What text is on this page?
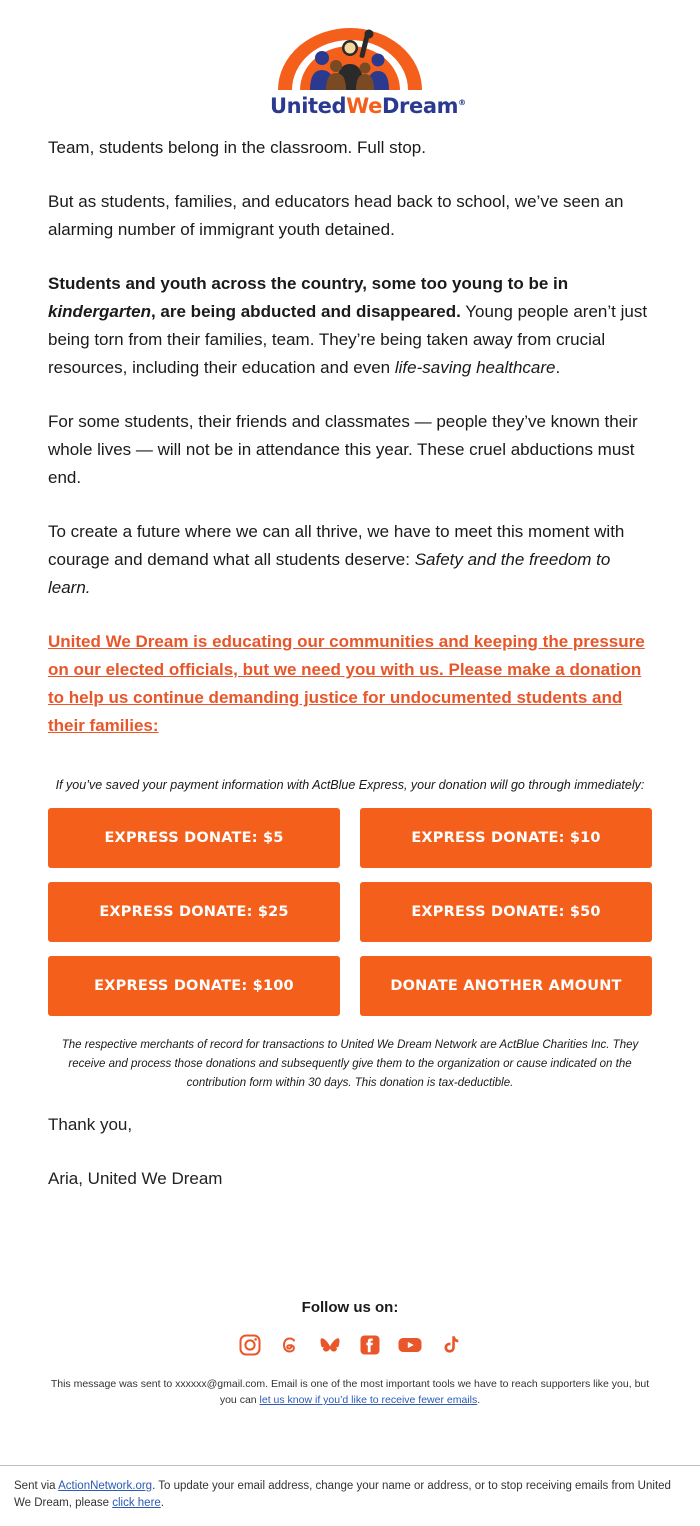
UnitedWeDream®

Team, students belong in the classroom. Full stop.

But as students, families, and educators head back to school, we’ve seen an alarming number of immigrant youth detained.

Students and youth across the country, some too young to be in kindergarten, are being abducted and disappeared. Young people aren’t just being torn from their families, team. They’re being taken away from crucial resources, including their education and even life-saving healthcare.

For some students, their friends and classmates — people they’ve known their whole lives — will not be in attendance this year. These cruel abductions must end.

To create a future where we can all thrive, we have to meet this moment with courage and demand what all students deserve: Safety and the freedom to learn.

United We Dream is educating our communities and keeping the pressure on our elected officials, but we need you with us. Please make a donation to help us continue demanding justice for undocumented students and their families:

If you’ve saved your payment information with ActBlue Express, your donation will go through immediately:
EXPRESS DONATE: $5	EXPRESS DONATE: $10
EXPRESS DONATE: $25	EXPRESS DONATE: $50
EXPRESS DONATE: $100	DONATE ANOTHER AMOUNT
The respective merchants of record for transactions to United We Dream Network are ActBlue Charities Inc. They receive and process those donations and subsequently give them to the organization or cause indicated on the contribution form within 30 days. This donation is tax-deductible.

Thank you,

Aria, United We Dream

Follow us on:
This message was sent to xxxxxx@gmail.com. Email is one of the most important tools we have to reach supporters like you, but you can let us know if you’d like to receive fewer emails.
Sent via ActionNetwork.org. To update your email address, change your name or address, or to stop receiving emails from United We Dream, please click here.
